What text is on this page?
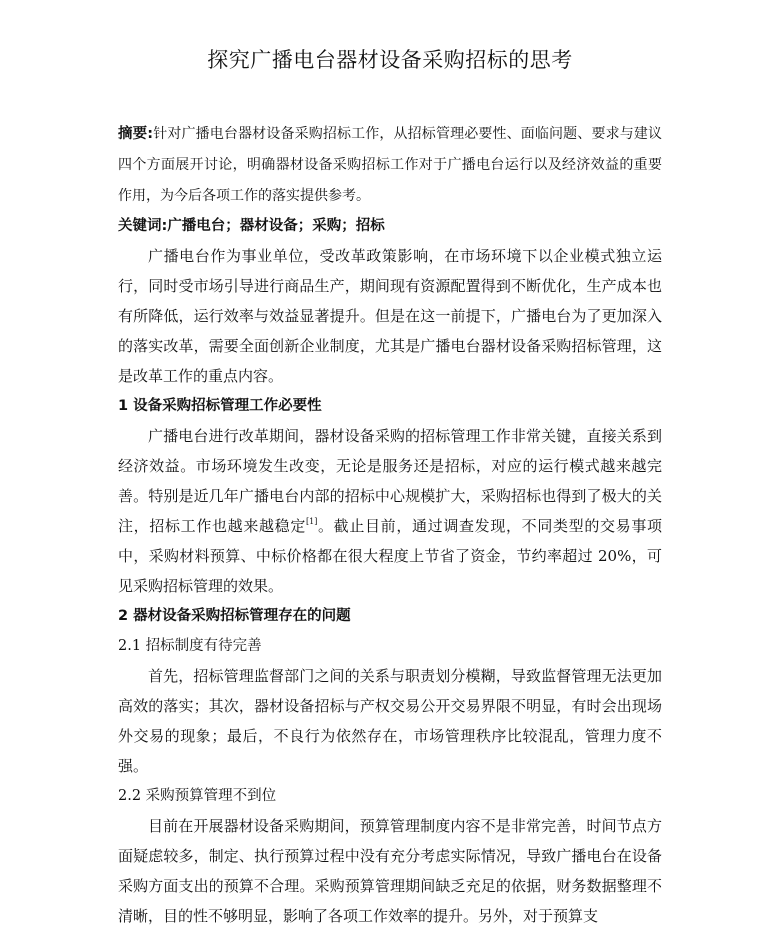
探究广播电台器材设备采购招标的思考

摘要:针对广播电台器材设备采购招标工作，从招标管理必要性、面临问题、要求与建议四个方面展开讨论，明确器材设备采购招标工作对于广播电台运行以及经济效益的重要作用，为今后各项工作的落实提供参考。

关键词:广播电台；器材设备；采购；招标

广播电台作为事业单位，受改革政策影响，在市场环境下以企业模式独立运行，同时受市场引导进行商品生产，期间现有资源配置得到不断优化，生产成本也有所降低，运行效率与效益显著提升。但是在这一前提下，广播电台为了更加深入的落实改革，需要全面创新企业制度，尤其是广播电台器材设备采购招标管理，这是改革工作的重点内容。

1 设备采购招标管理工作必要性

广播电台进行改革期间，器材设备采购的招标管理工作非常关键，直接关系到经济效益。市场环境发生改变，无论是服务还是招标，对应的运行模式越来越完善。特别是近几年广播电台内部的招标中心规模扩大，采购招标也得到了极大的关注，招标工作也越来越稳定[1]。截止目前，通过调查发现，不同类型的交易事项中，采购材料预算、中标价格都在很大程度上节省了资金，节约率超过 20%，可见采购招标管理的效果。

2 器材设备采购招标管理存在的问题

2.1 招标制度有待完善

首先，招标管理监督部门之间的关系与职责划分模糊，导致监督管理无法更加高效的落实；其次，器材设备招标与产权交易公开交易界限不明显，有时会出现场外交易的现象；最后，不良行为依然存在，市场管理秩序比较混乱，管理力度不强。

2.2 采购预算管理不到位

目前在开展器材设备采购期间，预算管理制度内容不是非常完善，时间节点方面疑虑较多，制定、执行预算过程中没有充分考虑实际情况，导致广播电台在设备采购方面支出的预算不合理。采购预算管理期间缺乏充足的依据，财务数据整理不清晰，目的性不够明显，影响了各项工作效率的提升。另外，对于预算支
